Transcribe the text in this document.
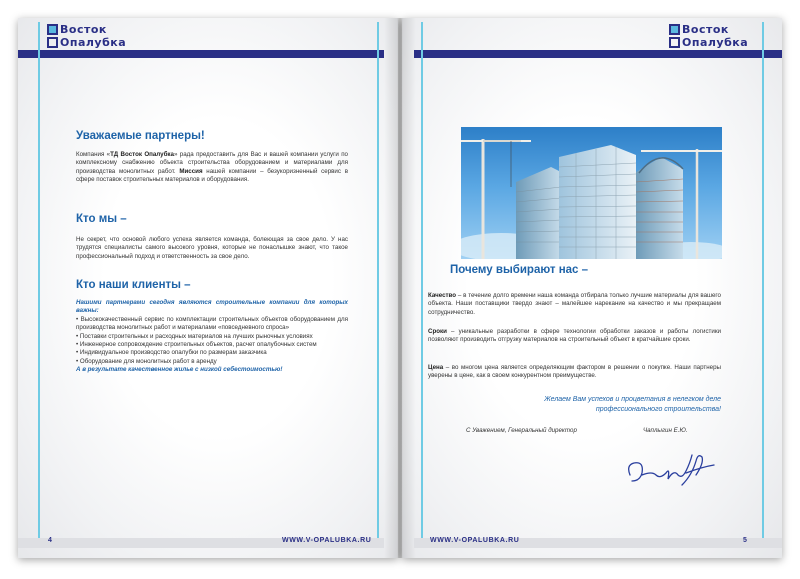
Восток
Опалубка
Восток
Опалубка
Уважаемые партнеры!
Компания «ТД Восток Опалубка» рада предоставить для Вас и вашей компании услуги по комплексному снабжению объекта строительства оборудованием и материалами для производства монолитных работ. Миссия нашей компании – безукоризненный сервис в сфере поставок строительных материалов и оборудования.
Кто мы –
Не секрет, что основой любого успеха является команда, болеющая за свое дело. У нас трудятся специалисты самого высокого уровня, которые не понаслышке знают, что такое профессиональный подход и ответственность за свое дело.
Кто наши клиенты –
Нашими партнерами сегодня являются строительные компании для которых важны:
• Высококачественный сервис по комплектации строительных объектов оборудованием для производства монолитных работ и материалами «повседневного спроса»
• Поставки строительных и расходных материалов на лучших рыночных условиях
• Инженерное сопровождение строительных объектов, расчет опалубочных систем
• Индивидуальное производство опалубки по размерам заказчика
• Оборудование для монолитных работ в аренду
А в результате качественное жилье с низкой себестоимостью!
4	WWW.V-OPALUBKA.RU
Почему выбирают нас –
Качество – в течение долго времени наша команда отбирала только лучшие материалы для вашего объекта. Наши поставщики твердо знают – малейшее нарекание на качество и мы прекращаем сотрудничество.
Сроки – уникальные разработки в сфере технологии обработки заказов и работы логистики позволяют производить отгрузку материалов на строительный объект в кратчайшие сроки.
Цена – во многом цена является определяющим фактором в решении о покупке. Наши партнеры уверены в цене, как в своем конкурентном преимуществе.
Желаем Вам успехов и процветания в нелегком деле
профессионального строительства!
С Уважением, Генеральный директор	Чаплыгин Е.Ю.
WWW.V-OPALUBKA.RU	5
